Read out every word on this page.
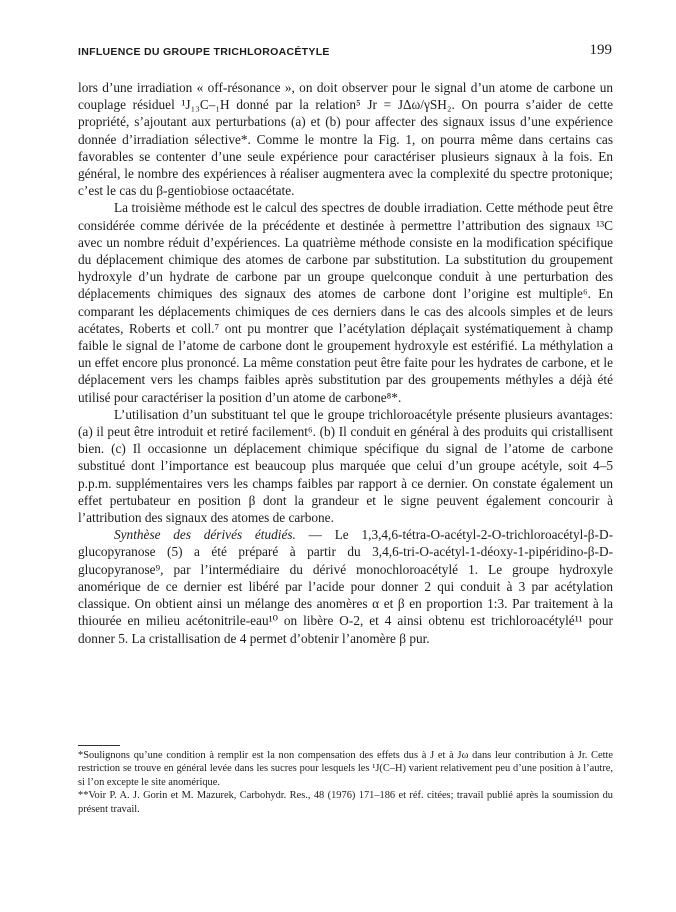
INFLUENCE DU GROUPE TRICHLOROACÉTYLE	199

lors d’une irradiation « off-résonance », on doit observer pour le signal d’un atome de carbone un couplage résiduel ¹J₁₃C–₁H donné par la relation⁵ Jr = JΔω/γSH₂. On pourra s’aider de cette propriété, s’ajoutant aux perturbations (a) et (b) pour affecter des signaux issus d’une expérience donnée d’irradiation sélective*. Comme le montre la Fig. 1, on pourra même dans certains cas favorables se contenter d’une seule expérience pour caractériser plusieurs signaux à la fois. En général, le nombre des expériences à réaliser augmentera avec la complexité du spectre protonique; c’est le cas du β-gentiobiose octaacétate.

La troisième méthode est le calcul des spectres de double irradiation. Cette méthode peut être considérée comme dérivée de la précédente et destinée à permettre l’attribution des signaux ¹³C avec un nombre réduit d’expériences. La quatrième méthode consiste en la modification spécifique du déplacement chimique des atomes de carbone par substitution. La substitution du groupement hydroxyle d’un hydrate de carbone par un groupe quelconque conduit à une perturbation des déplacements chimiques des signaux des atomes de carbone dont l’origine est multiple⁶. En comparant les déplacements chimiques de ces derniers dans le cas des alcools simples et de leurs acétates, Roberts et coll.⁷ ont pu montrer que l’acétylation déplaçait systématiquement à champ faible le signal de l’atome de carbone dont le groupement hydroxyle est estérifié. La méthylation a un effet encore plus prononcé. La même constation peut être faite pour les hydrates de carbone, et le déplacement vers les champs faibles après substitution par des groupements méthyles a déjà été utilisé pour caractériser la position d’un atome de carbone⁸*.

L’utilisation d’un substituant tel que le groupe trichloroacétyle présente plusieurs avantages: (a) il peut être introduit et retiré facilement⁶. (b) Il conduit en général à des produits qui cristallisent bien. (c) Il occasionne un déplacement chimique spécifique du signal de l’atome de carbone substitué dont l’importance est beaucoup plus marquée que celui d’un groupe acétyle, soit 4–5 p.p.m. supplémentaires vers les champs faibles par rapport à ce dernier. On constate également un effet pertubateur en position β dont la grandeur et le signe peuvent également concourir à l’attribution des signaux des atomes de carbone.

Synthèse des dérivés étudiés. — Le 1,3,4,6-tétra-O-acétyl-2-O-trichloroacétyl-β-D-glucopyranose (5) a été préparé à partir du 3,4,6-tri-O-acétyl-1-déoxy-1-pipéridino-β-D-glucopyranose⁹, par l’intermédiaire du dérivé monochloroacétylé 1. Le groupe hydroxyle anomérique de ce dernier est libéré par l’acide pour donner 2 qui conduit à 3 par acétylation classique. On obtient ainsi un mélange des anomères α et β en proportion 1:3. Par traitement à la thiourée en milieu acétonitrile-eau¹⁰ on libère O-2, et 4 ainsi obtenu est trichloroacétylé¹¹ pour donner 5. La cristallisation de 4 permet d’obtenir l’anomère β pur.

*Soulignons qu’une condition à remplir est la non compensation des effets dus à J et à Jω dans leur contribution à Jr. Cette restriction se trouve en général levée dans les sucres pour lesquels les ¹J(C–H) varient relativement peu d’une position à l’autre, si l’on excepte le site anomérique.

**Voir P. A. J. Gorin et M. Mazurek, Carbohydr. Res., 48 (1976) 171–186 et réf. citées; travail publié après la soumission du présent travail.
